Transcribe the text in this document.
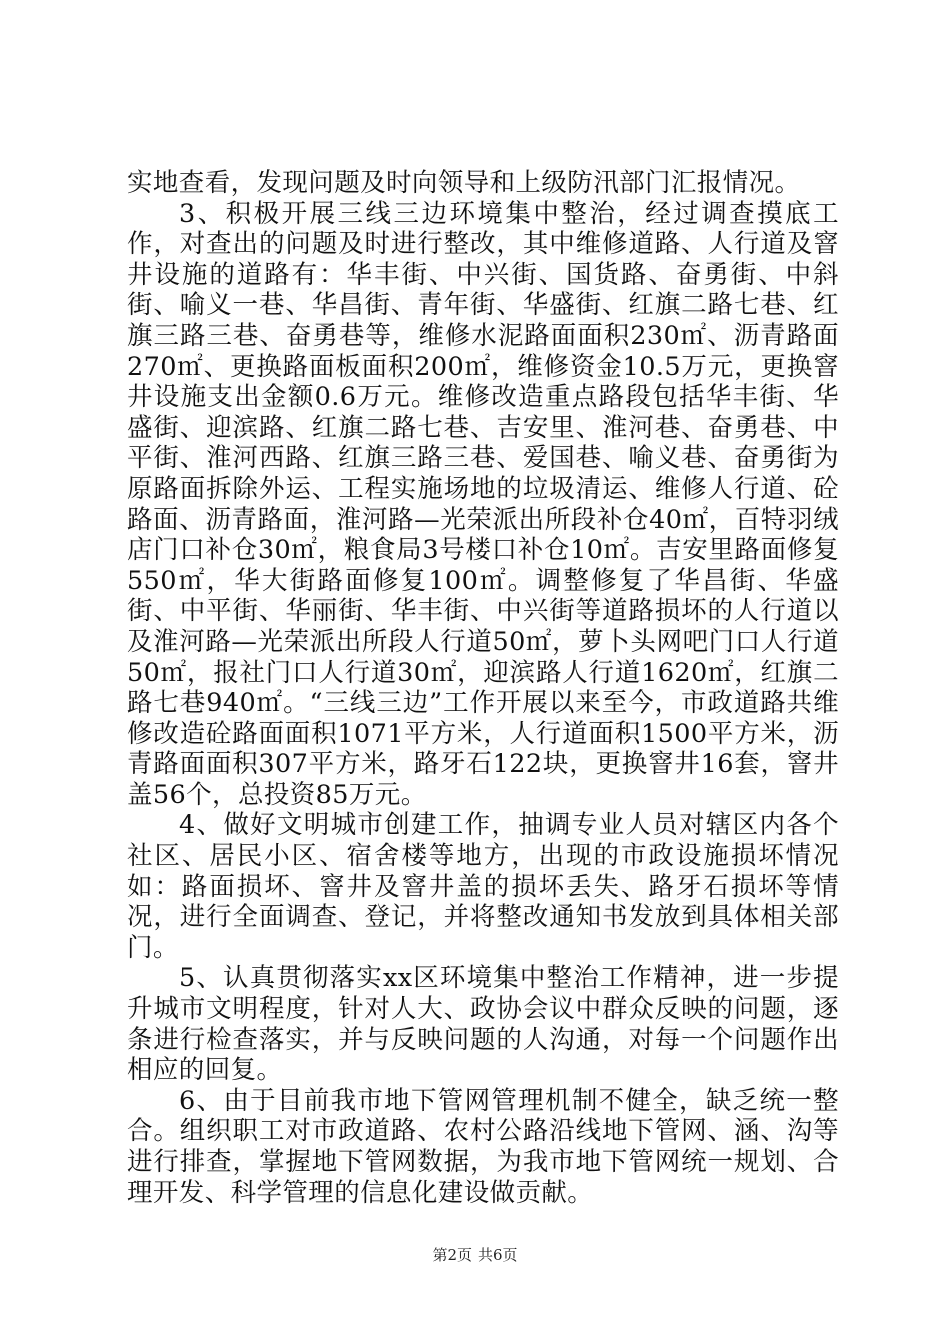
实地查看，发现问题及时向领导和上级防汛部门汇报情况。

3、积极开展三线三边环境集中整治，经过调查摸底工作，对查出的问题及时进行整改，其中维修道路、人行道及窨井设施的道路有：华丰街、中兴街、国货路、奋勇街、中斜街、喻义一巷、华昌街、青年街、华盛街、红旗二路七巷、红旗三路三巷、奋勇巷等，维修水泥路面面积230㎡、沥青路面270㎡、更换路面板面积200㎡，维修资金10.5万元，更换窨井设施支出金额0.6万元。维修改造重点路段包括华丰街、华盛街、迎滨路、红旗二路七巷、吉安里、淮河巷、奋勇巷、中平街、淮河西路、红旗三路三巷、爱国巷、喻义巷、奋勇街为原路面拆除外运、工程实施场地的垃圾清运、维修人行道、砼路面、沥青路面，淮河路—光荣派出所段补仓40㎡，百特羽绒店门口补仓30㎡，粮食局3号楼口补仓10㎡。吉安里路面修复550㎡，华大街路面修复100㎡。调整修复了华昌街、华盛街、中平街、华丽街、华丰街、中兴街等道路损坏的人行道以及淮河路—光荣派出所段人行道50㎡，萝卜头网吧门口人行道50㎡，报社门口人行道30㎡，迎滨路人行道1620㎡，红旗二路七巷940㎡。“三线三边”工作开展以来至今，市政道路共维修改造砼路面面积1071平方米，人行道面积1500平方米，沥青路面面积307平方米，路牙石122块，更换窨井16套，窨井盖56个，总投资85万元。

4、做好文明城市创建工作，抽调专业人员对辖区内各个社区、居民小区、宿舍楼等地方，出现的市政设施损坏情况如：路面损坏、窨井及窨井盖的损坏丢失、路牙石损坏等情况，进行全面调查、登记，并将整改通知书发放到具体相关部门。

5、认真贯彻落实xx区环境集中整治工作精神，进一步提升城市文明程度，针对人大、政协会议中群众反映的问题，逐条进行检查落实，并与反映问题的人沟通，对每一个问题作出相应的回复。

6、由于目前我市地下管网管理机制不健全，缺乏统一整合。组织职工对市政道路、农村公路沿线地下管网、涵、沟等进行排查，掌握地下管网数据，为我市地下管网统一规划、合理开发、科学管理的信息化建设做贡献。

第2页 共6页
